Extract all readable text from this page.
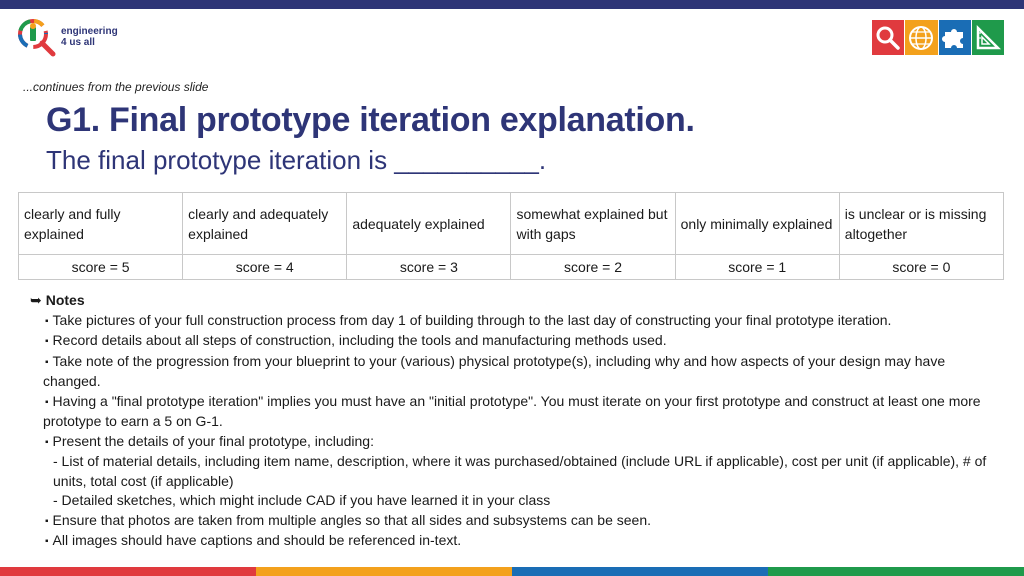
engineering
4 us all
...continues from the previous slide
G1. Final prototype iteration explanation.
The final prototype iteration is __________.
clearly and fully explained	clearly and adequately explained	adequately explained	somewhat explained but with gaps	only minimally explained	is unclear or is missing altogether
score = 5	score = 4	score = 3	score = 2	score = 1	score = 0
➥ Notes

▪ Take pictures of your full construction process from day 1 of building through to the last day of constructing your final prototype iteration.

▪ Record details about all steps of construction, including the tools and manufacturing methods used.

▪ Take note of the progression from your blueprint to your (various) physical prototype(s), including why and how aspects of your design may have changed.

▪ Having a "final prototype iteration" implies you must have an "initial prototype". You must iterate on your first prototype and construct at least one more prototype to earn a 5 on G-1.

▪ Present the details of your final prototype, including:

- List of material details, including item name, description, where it was purchased/obtained (include URL if applicable), cost per unit (if applicable), # of units, total cost (if applicable)

- Detailed sketches, which might include CAD if you have learned it in your class

▪ Ensure that photos are taken from multiple angles so that all sides and subsystems can be seen.

▪ All images should have captions and should be referenced in-text.
